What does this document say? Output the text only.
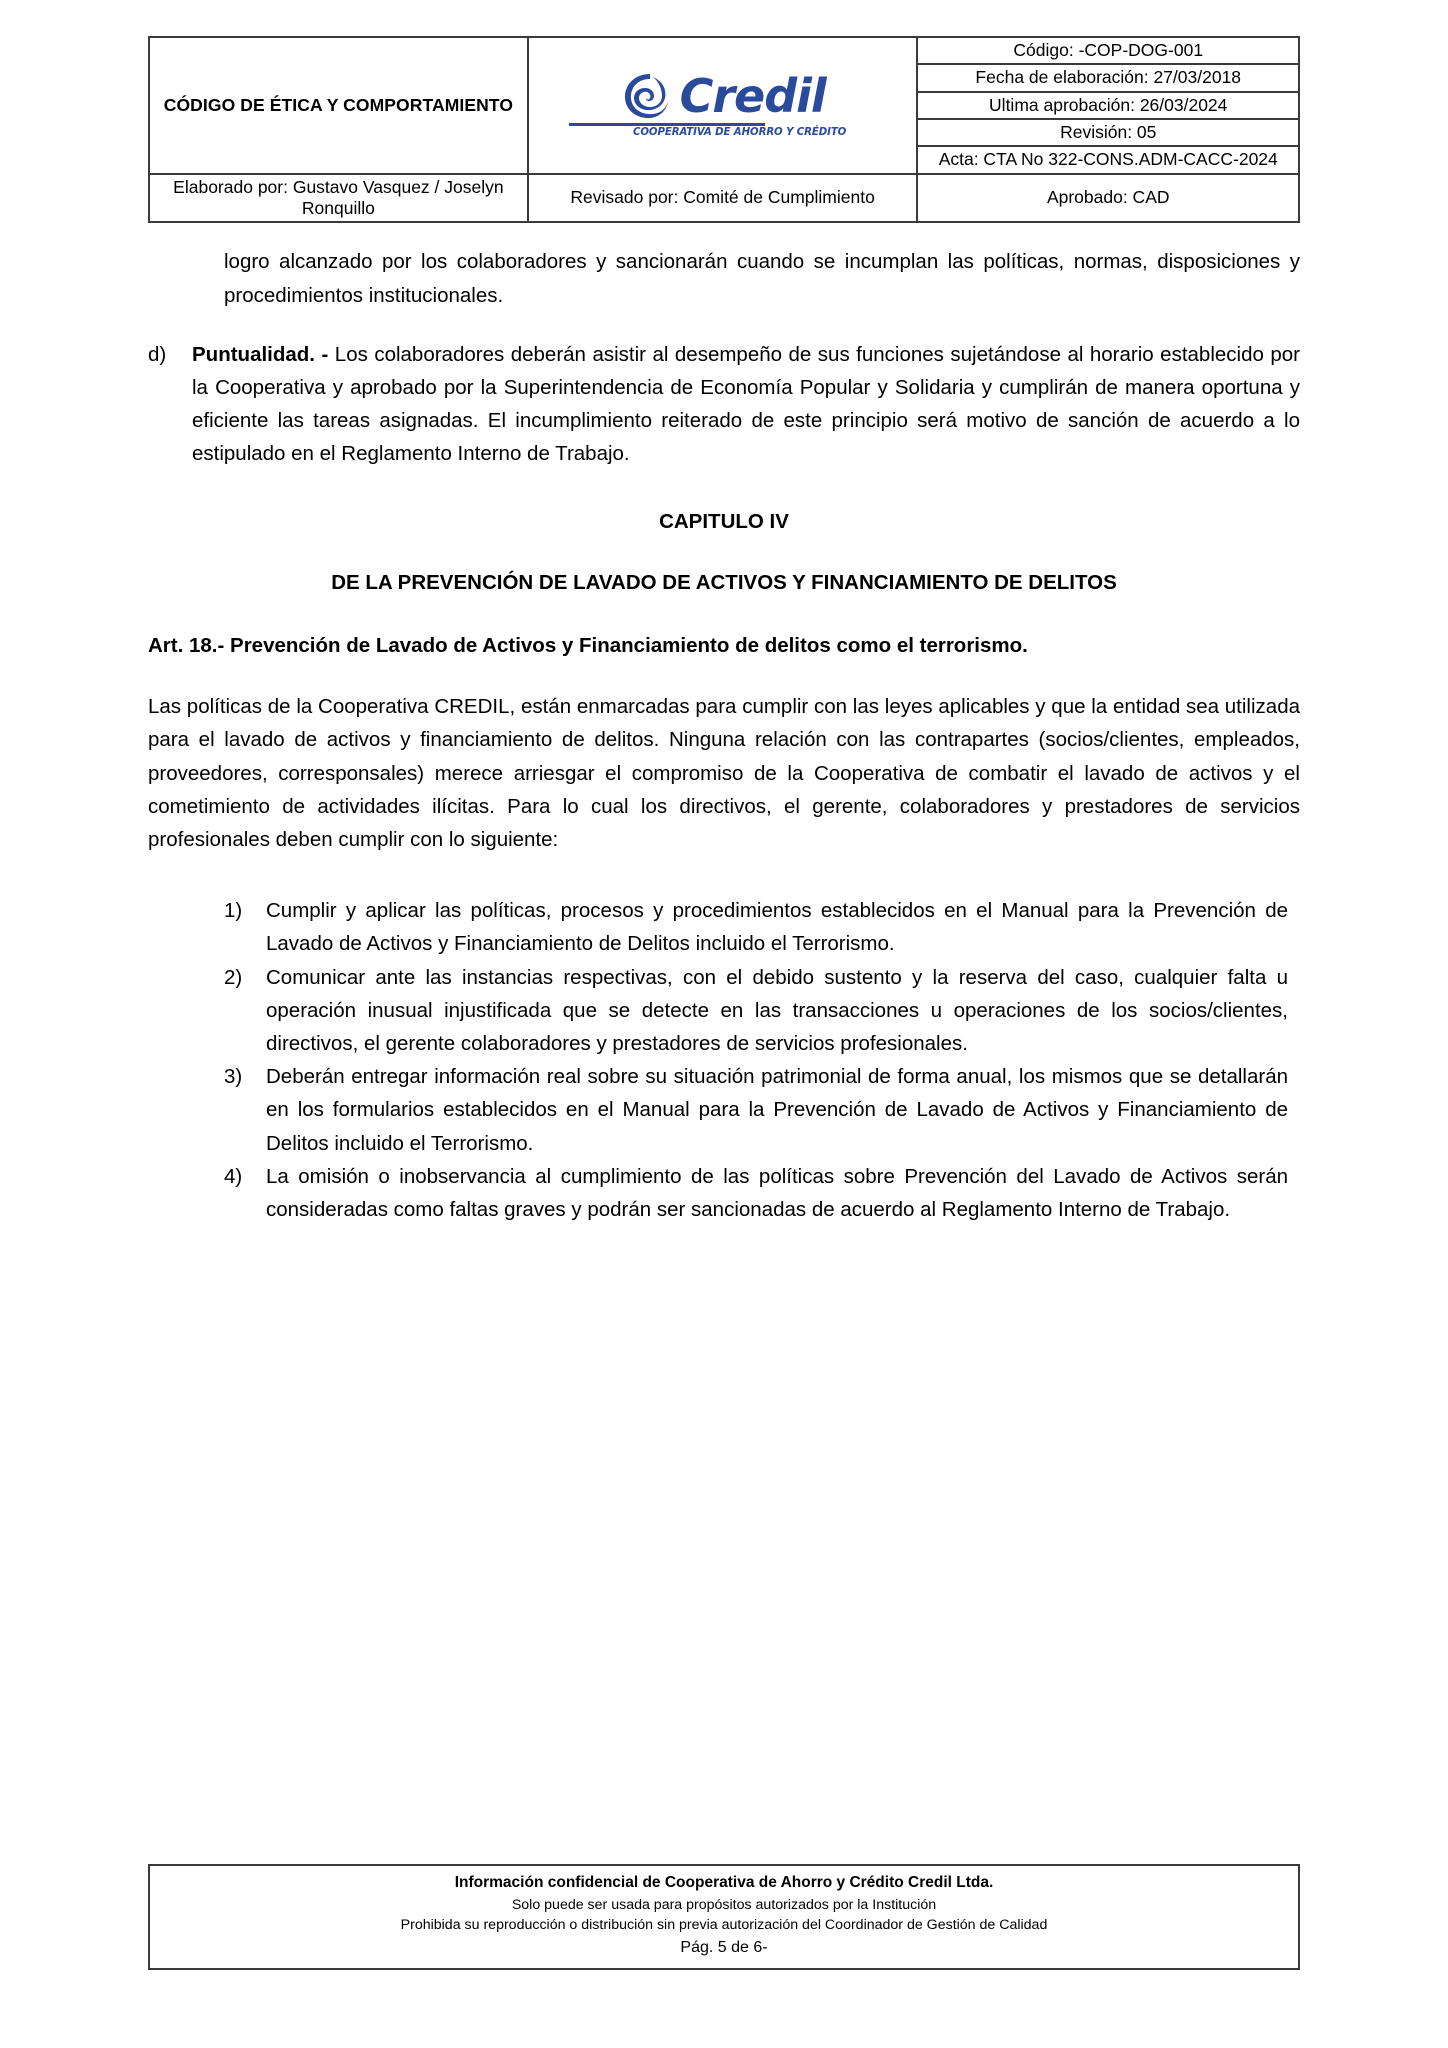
CÓDIGO DE ÉTICA Y COMPORTAMIENTO	Credil
COOPERATIVA DE AHORRO Y CRÉDITO	Código: -COP-DOG-001
		Fecha de elaboración: 27/03/2018
		Ultima aprobación: 26/03/2024
		Revisión: 05
		Acta: CTA No 322-CONS.ADM-CACC-2024
Elaborado por: Gustavo Vasquez / Joselyn Ronquillo	Revisado por: Comité de Cumplimiento	Aprobado: CAD
logro alcanzado por los colaboradores y sancionarán cuando se incumplan las políticas, normas, disposiciones y procedimientos institucionales.
d)	Puntualidad. - Los colaboradores deberán asistir al desempeño de sus funciones sujetándose al horario establecido por la Cooperativa y aprobado por la Superintendencia de Economía Popular y Solidaria y cumplirán de manera oportuna y eficiente las tareas asignadas. El incumplimiento reiterado de este principio será motivo de sanción de acuerdo a lo estipulado en el Reglamento Interno de Trabajo.
CAPITULO IV
DE LA PREVENCIÓN DE LAVADO DE ACTIVOS Y FINANCIAMIENTO DE DELITOS
Art. 18.- Prevención de Lavado de Activos y Financiamiento de delitos como el terrorismo.
Las políticas de la Cooperativa CREDIL, están enmarcadas para cumplir con las leyes aplicables y que la entidad sea utilizada para el lavado de activos y financiamiento de delitos. Ninguna relación con las contrapartes (socios/clientes, empleados, proveedores, corresponsales) merece arriesgar el compromiso de la Cooperativa de combatir el lavado de activos y el cometimiento de actividades ilícitas. Para lo cual los directivos, el gerente, colaboradores y prestadores de servicios profesionales deben cumplir con lo siguiente:
1)	Cumplir y aplicar las políticas, procesos y procedimientos establecidos en el Manual para la Prevención de Lavado de Activos y Financiamiento de Delitos incluido el Terrorismo.
2)	Comunicar ante las instancias respectivas, con el debido sustento y la reserva del caso, cualquier falta u operación inusual injustificada que se detecte en las transacciones u operaciones de los socios/clientes, directivos, el gerente colaboradores y prestadores de servicios profesionales.
3)	Deberán entregar información real sobre su situación patrimonial de forma anual, los mismos que se detallarán en los formularios establecidos en el Manual para la Prevención de Lavado de Activos y Financiamiento de Delitos incluido el Terrorismo.
4)	La omisión o inobservancia al cumplimiento de las políticas sobre Prevención del Lavado de Activos serán consideradas como faltas graves y podrán ser sancionadas de acuerdo al Reglamento Interno de Trabajo.
Información confidencial de Cooperativa de Ahorro y Crédito Credil Ltda.
Solo puede ser usada para propósitos autorizados por la Institución
Prohibida su reproducción o distribución sin previa autorización del Coordinador de Gestión de Calidad
Pág. 5 de 6-
